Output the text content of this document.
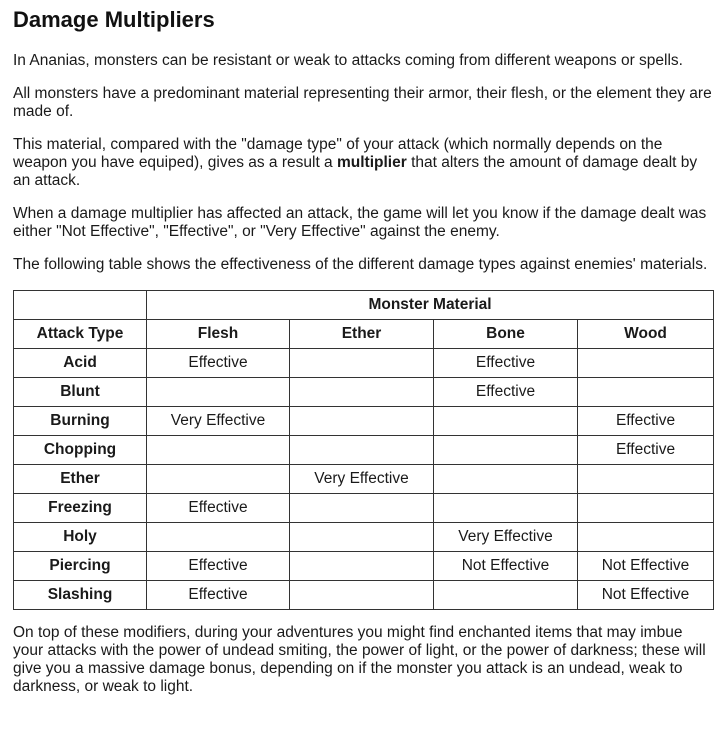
Damage Multipliers

In Ananias, monsters can be resistant or weak to attacks coming from different weapons or spells.

All monsters have a predominant material representing their armor, their flesh, or the element they are made of.

This material, compared with the "damage type" of your attack (which normally depends on the weapon you have equiped), gives as a result a multiplier that alters the amount of damage dealt by an attack.

When a damage multiplier has affected an attack, the game will let you know if the damage dealt was either "Not Effective", "Effective", or "Very Effective" against the enemy.

The following table shows the effectiveness of the different damage types against enemies' materials.

	Monster Material			
Attack Type	Flesh	Ether	Bone	Wood
Acid	Effective		Effective	
Blunt			Effective	
Burning	Very Effective			Effective
Chopping				Effective
Ether		Very Effective		
Freezing	Effective			
Holy			Very Effective	
Piercing	Effective		Not Effective	Not Effective
Slashing	Effective			Not Effective

On top of these modifiers, during your adventures you might find enchanted items that may imbue your attacks with the power of undead smiting, the power of light, or the power of darkness; these will give you a massive damage bonus, depending on if the monster you attack is an undead, weak to darkness, or weak to light.
